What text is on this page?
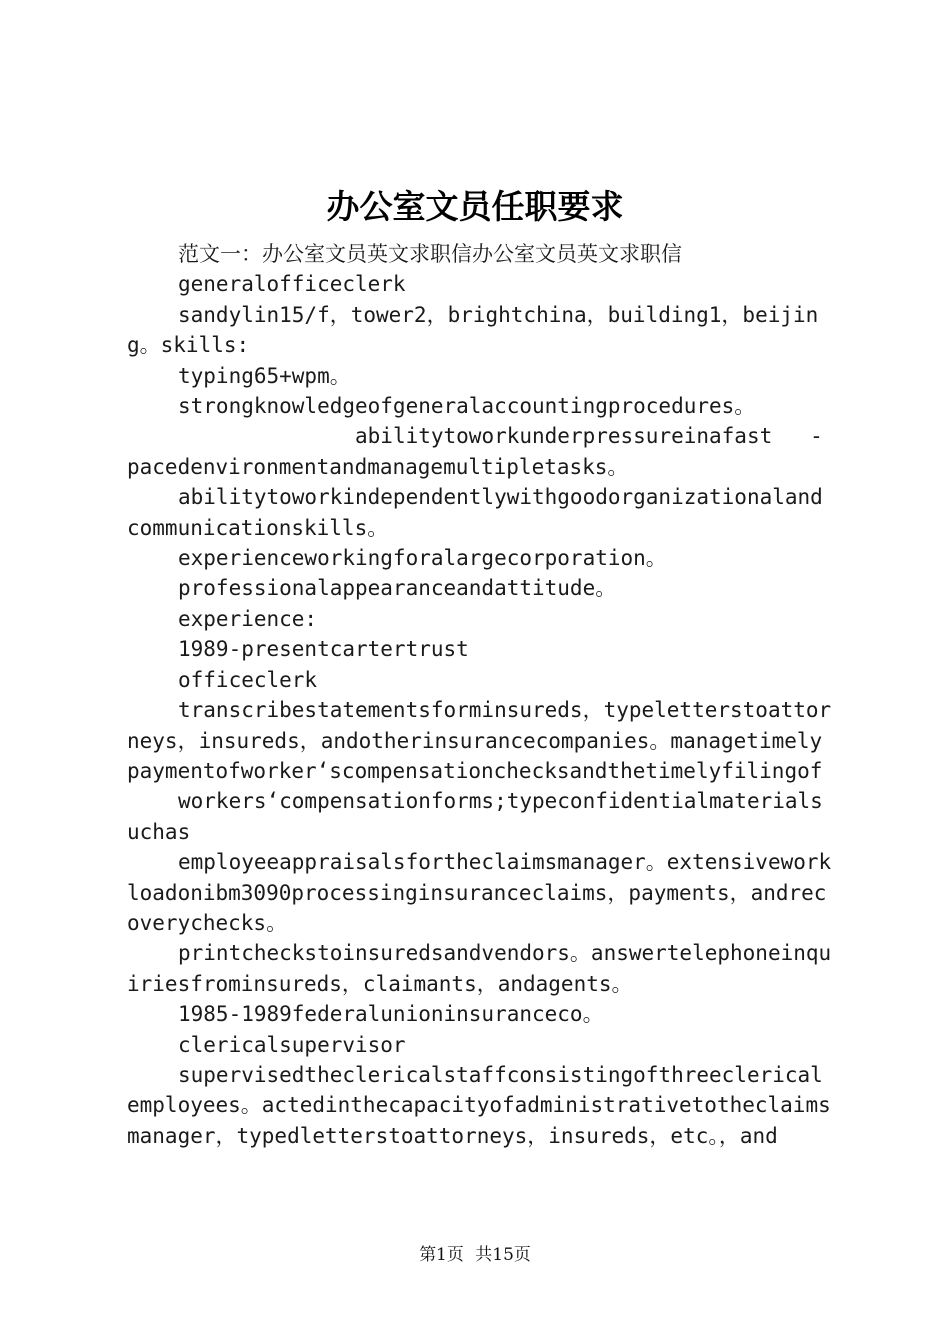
办公室文员任职要求

范文一：办公室文员英文求职信办公室文员英文求职信

generalofficeclerk

sandylin15/f，tower2，brightchina，building1，beijing。skills:

typing65+wpm。

strongknowledgeofgeneralaccountingprocedures。

abilitytoworkunderpressureinafast   -pacedenvironmentandmanagemultipletasks。

abilitytoworkindependentlywithgoodorganizationalandcommunicationskills。

experienceworkingforalargecorporation。

professionalappearanceandattitude。

experience:

1989-presentcartertrust

officeclerk

transcribestatementsforminsureds，typeletterstoattorneys，insureds，andotherinsurancecompanies。managetimelypaymentofworker‘scompensationchecksandthetimelyfilingof

workers‘compensationforms;typeconfidentialmaterialsuchas

employeeappraisalsfortheclaimsmanager。extensiveworkloadonibm3090processinginsuranceclaims，payments，andrecoverychecks。

printcheckstoinsuredsandvendors。answertelephoneinquiriesfrominsureds，claimants，andagents。

1985-1989federalunioninsuranceco。

clericalsupervisor

supervisedtheclericalstaffconsistingofthreeclericalemployees。actedinthecapacityofadministrativetotheclaimsmanager，typedletterstoattorneys，insureds，etc。，and

第1页 共15页
